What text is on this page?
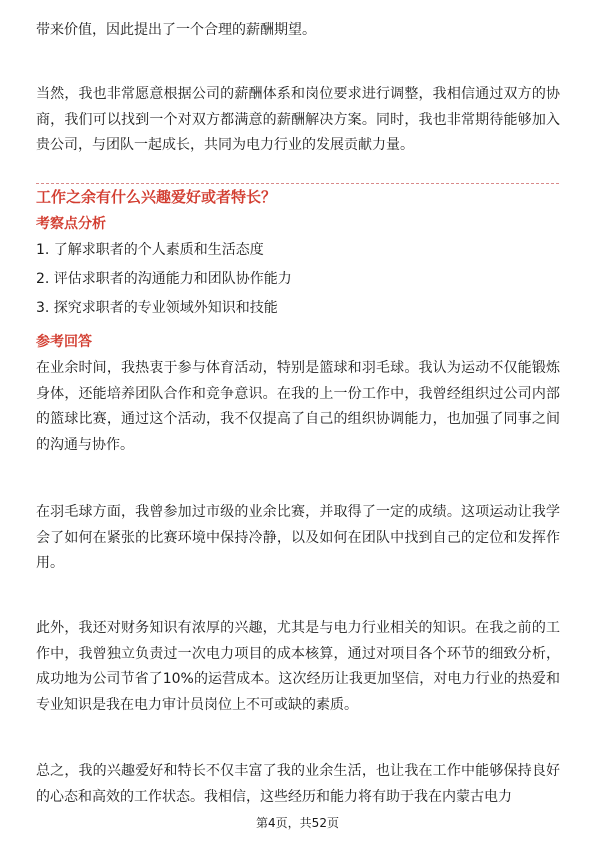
带来价值，因此提出了一个合理的薪酬期望。

当然，我也非常愿意根据公司的薪酬体系和岗位要求进行调整，我相信通过双方的协商，我们可以找到一个对双方都满意的薪酬解决方案。同时，我也非常期待能够加入贵公司，与团队一起成长，共同为电力行业的发展贡献力量。

工作之余有什么兴趣爱好或者特长？
考察点分析

1. 了解求职者的个人素质和生活态度

2. 评估求职者的沟通能力和团队协作能力

3. 探究求职者的专业领域外知识和技能

参考回答

在业余时间，我热衷于参与体育活动，特别是篮球和羽毛球。我认为运动不仅能锻炼身体，还能培养团队合作和竞争意识。在我的上一份工作中，我曾经组织过公司内部的篮球比赛，通过这个活动，我不仅提高了自己的组织协调能力，也加强了同事之间的沟通与协作。

在羽毛球方面，我曾参加过市级的业余比赛，并取得了一定的成绩。这项运动让我学会了如何在紧张的比赛环境中保持冷静，以及如何在团队中找到自己的定位和发挥作用。

此外，我还对财务知识有浓厚的兴趣，尤其是与电力行业相关的知识。在我之前的工作中，我曾独立负责过一次电力项目的成本核算，通过对项目各个环节的细致分析，成功地为公司节省了10%的运营成本。这次经历让我更加坚信，对电力行业的热爱和专业知识是我在电力审计员岗位上不可或缺的素质。

总之，我的兴趣爱好和特长不仅丰富了我的业余生活，也让我在工作中能够保持良好的心态和高效的工作状态。我相信，这些经历和能力将有助于我在内蒙古电力

第4页，共52页
